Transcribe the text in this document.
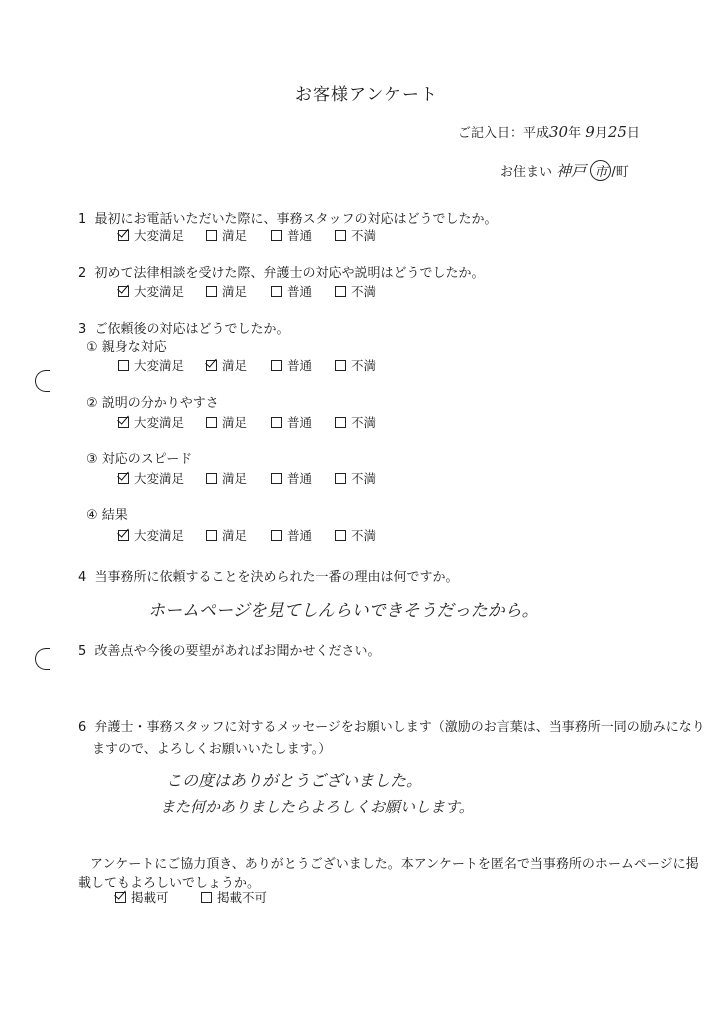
お客様アンケート
ご記入日：平成30年 9月25日
お住まい 神戸 市 /町
1 最初にお電話いただいた際に、事務スタッフの対応はどうでしたか。
大変満足	満足	普通	不満
2 初めて法律相談を受けた際、弁護士の対応や説明はどうでしたか。
大変満足	満足	普通	不満
3 ご依頼後の対応はどうでしたか。
① 親身な対応
大変満足	満足	普通	不満
② 説明の分かりやすさ
大変満足	満足	普通	不満
③ 対応のスピード
大変満足	満足	普通	不満
④ 結果
大変満足	満足	普通	不満
4 当事務所に依頼することを決められた一番の理由は何ですか。
ホームページを見てしんらいできそうだったから。
5 改善点や今後の要望があればお聞かせください。
6 弁護士・事務スタッフに対するメッセージをお願いします（激励のお言葉は、当事務所一同の励みになり
ますので、よろしくお願いいたします。）
この度はありがとうございました。
また何かありましたらよろしくお願いします。
アンケートにご協力頂き、ありがとうございました。本アンケートを匿名で当事務所のホームページに掲
載してもよろしいでしょうか。
掲載可	掲載不可
